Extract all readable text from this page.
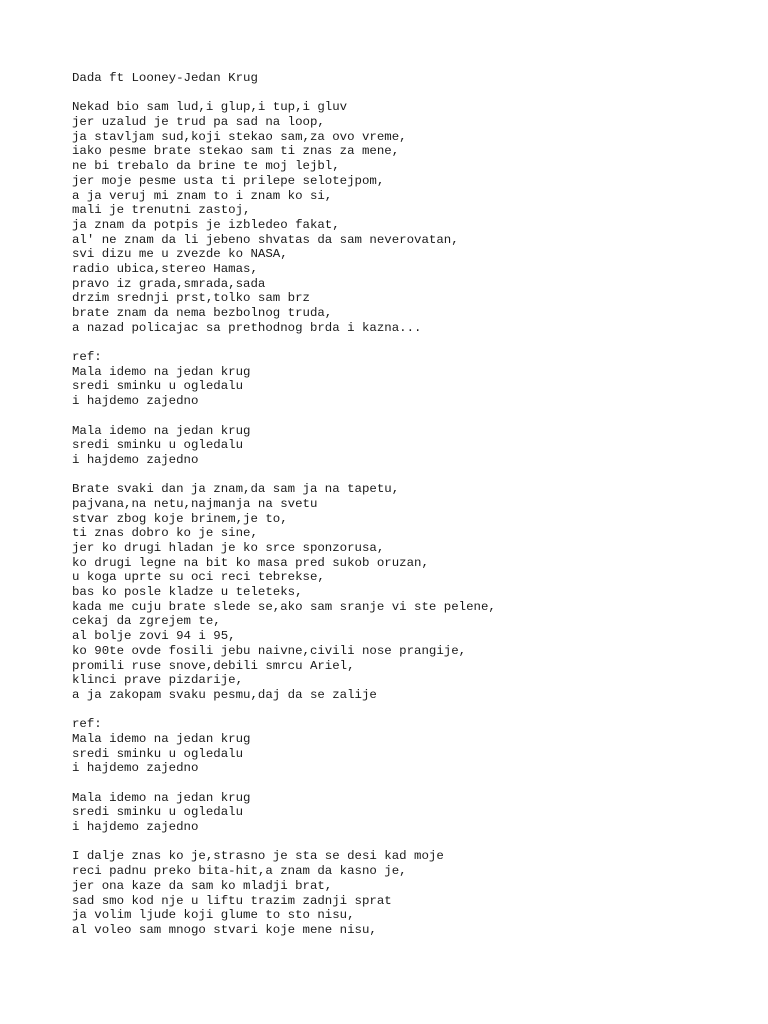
Dada ft Looney-Jedan Krug
Nekad bio sam lud,i glup,i tup,i gluv
jer uzalud je trud pa sad na loop,
ja stavljam sud,koji stekao sam,za ovo vreme,
iako pesme brate stekao sam ti znas za mene,
ne bi trebalo da brine te moj lejbl,
jer moje pesme usta ti prilepe selotejpom,
a ja veruj mi znam to i znam ko si,
mali je trenutni zastoj,
ja znam da potpis je izbledeo fakat,
al' ne znam da li jebeno shvatas da sam neverovatan,
svi dizu me u zvezde ko NASA,
radio ubica,stereo Hamas,
pravo iz grada,smrada,sada
drzim srednji prst,tolko sam brz
brate znam da nema bezbolnog truda,
a nazad policajac sa prethodnog brda i kazna...
ref:
Mala idemo na jedan krug
sredi sminku u ogledalu
i hajdemo zajedno
Mala idemo na jedan krug
sredi sminku u ogledalu
i hajdemo zajedno
Brate svaki dan ja znam,da sam ja na tapetu,
pajvana,na netu,najmanja na svetu
stvar zbog koje brinem,je to,
ti znas dobro ko je sine,
jer ko drugi hladan je ko srce sponzorusa,
ko drugi legne na bit ko masa pred sukob oruzan,
u koga uprte su oci reci tebrekse,
bas ko posle kladze u teleteks,
kada me cuju brate slede se,ako sam sranje vi ste pelene,
cekaj da zgrejem te,
al bolje zovi 94 i 95,
ko 90te ovde fosili jebu naivne,civili nose prangije,
promili ruse snove,debili smrcu Ariel,
klinci prave pizdarije,
a ja zakopam svaku pesmu,daj da se zalije
ref:
Mala idemo na jedan krug
sredi sminku u ogledalu
i hajdemo zajedno
Mala idemo na jedan krug
sredi sminku u ogledalu
i hajdemo zajedno
I dalje znas ko je,strasno je sta se desi kad moje
reci padnu preko bita-hit,a znam da kasno je,
jer ona kaze da sam ko mladji brat,
sad smo kod nje u liftu trazim zadnji sprat
ja volim ljude koji glume to sto nisu,
al voleo sam mnogo stvari koje mene nisu,
